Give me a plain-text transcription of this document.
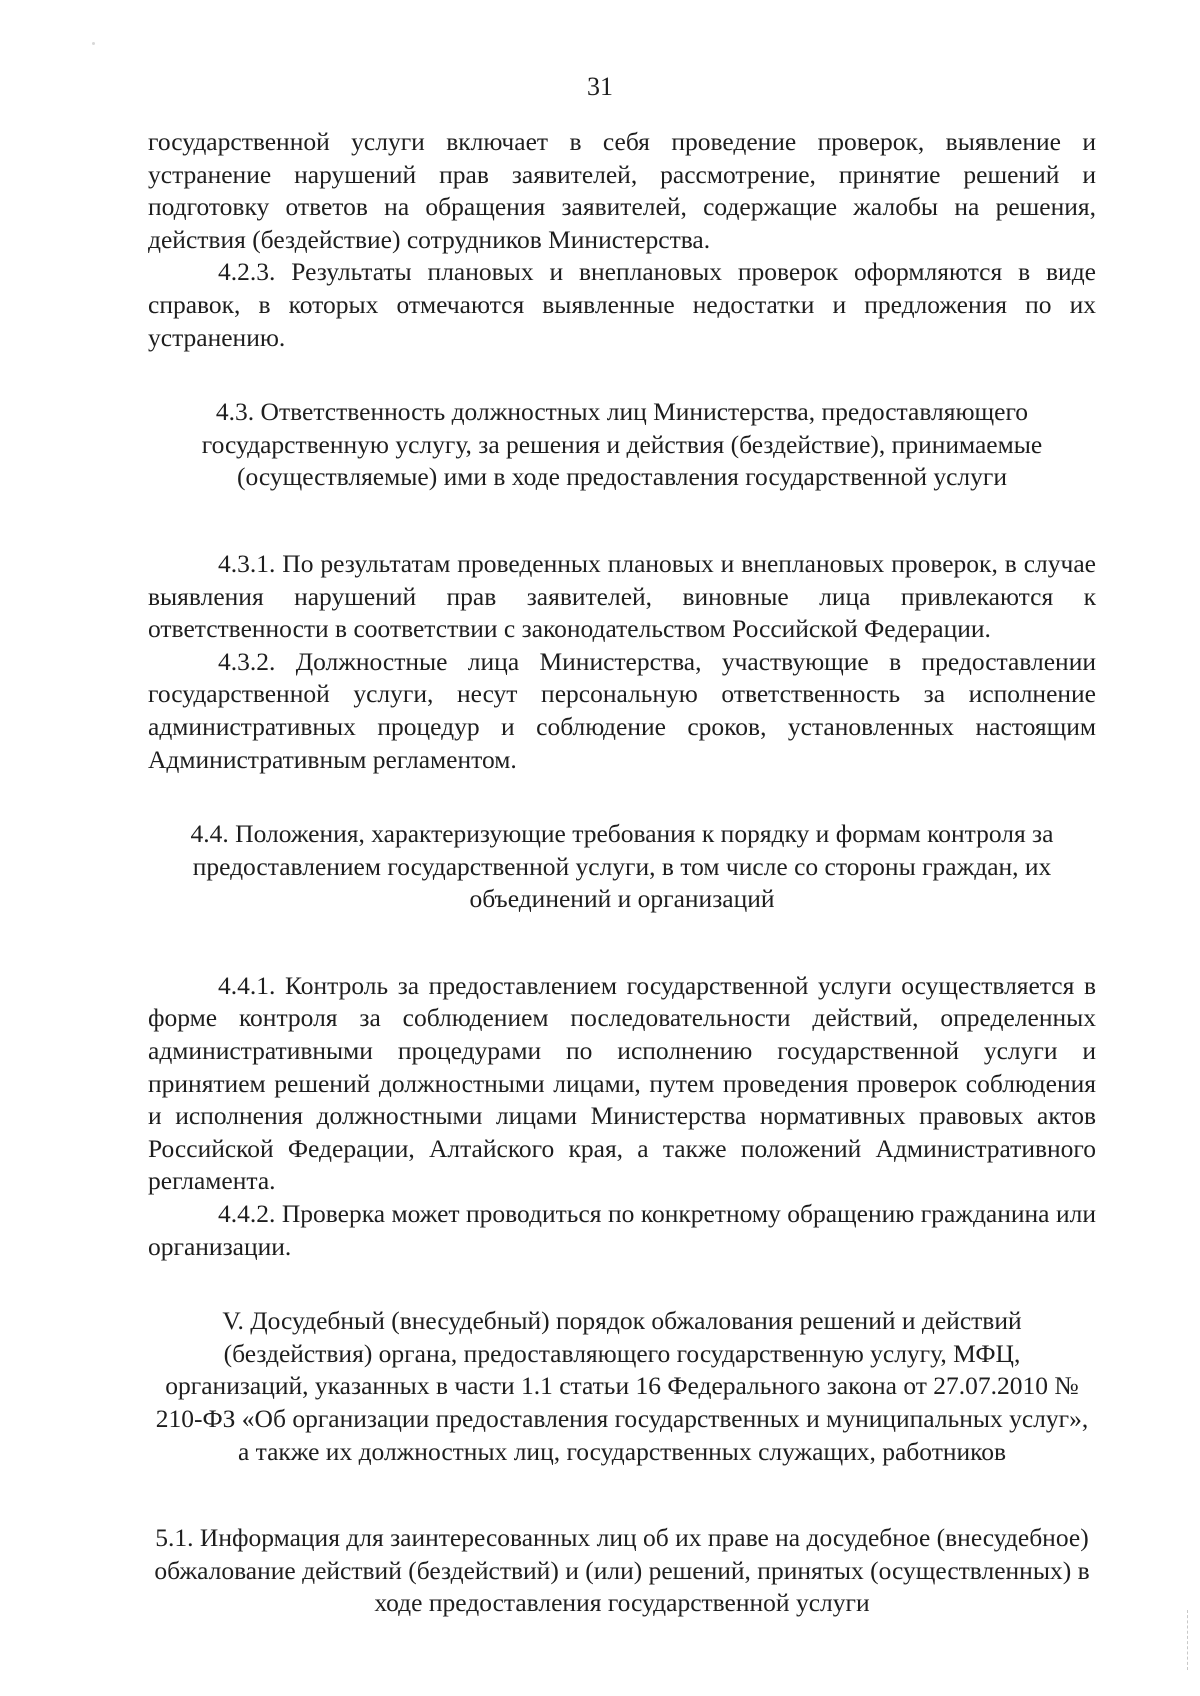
31

государственной услуги включает в себя проведение проверок, выявление и устранение нарушений прав заявителей, рассмотрение, принятие решений и подготовку ответов на обращения заявителей, содержащие жалобы на решения, действия (бездействие) сотрудников Министерства.

4.2.3. Результаты плановых и внеплановых проверок оформляются в виде справок, в которых отмечаются выявленные недостатки и предложения по их устранению.

4.3. Ответственность должностных лиц Министерства, предоставляющего государственную услугу, за решения и действия (бездействие), принимаемые (осуществляемые) ими в ходе предоставления государственной услуги

4.3.1. По результатам проведенных плановых и внеплановых проверок, в случае выявления нарушений прав заявителей, виновные лица привлекаются к ответственности в соответствии с законодательством Российской Федерации.

4.3.2. Должностные лица Министерства, участвующие в предоставлении государственной услуги, несут персональную ответственность за исполнение административных процедур и соблюдение сроков, установленных настоящим Административным регламентом.

4.4. Положения, характеризующие требования к порядку и формам контроля за предоставлением государственной услуги, в том числе со стороны граждан, их объединений и организаций

4.4.1. Контроль за предоставлением государственной услуги осуществляется в форме контроля за соблюдением последовательности действий, определенных административными процедурами по исполнению государственной услуги и принятием решений должностными лицами, путем проведения проверок соблюдения и исполнения должностными лицами Министерства нормативных правовых актов Российской Федерации, Алтайского края, а также положений Административного регламента.

4.4.2. Проверка может проводиться по конкретному обращению гражданина или организации.

V. Досудебный (внесудебный) порядок обжалования решений и действий (бездействия) органа, предоставляющего государственную услугу, МФЦ, организаций, указанных в части 1.1 статьи 16 Федерального закона от 27.07.2010 № 210-ФЗ «Об организации предоставления государственных и муниципальных услуг», а также их должностных лиц, государственных служащих, работников

5.1. Информация для заинтересованных лиц об их праве на досудебное (внесудебное) обжалование действий (бездействий) и (или) решений, принятых (осуществленных) в ходе предоставления государственной услуги
